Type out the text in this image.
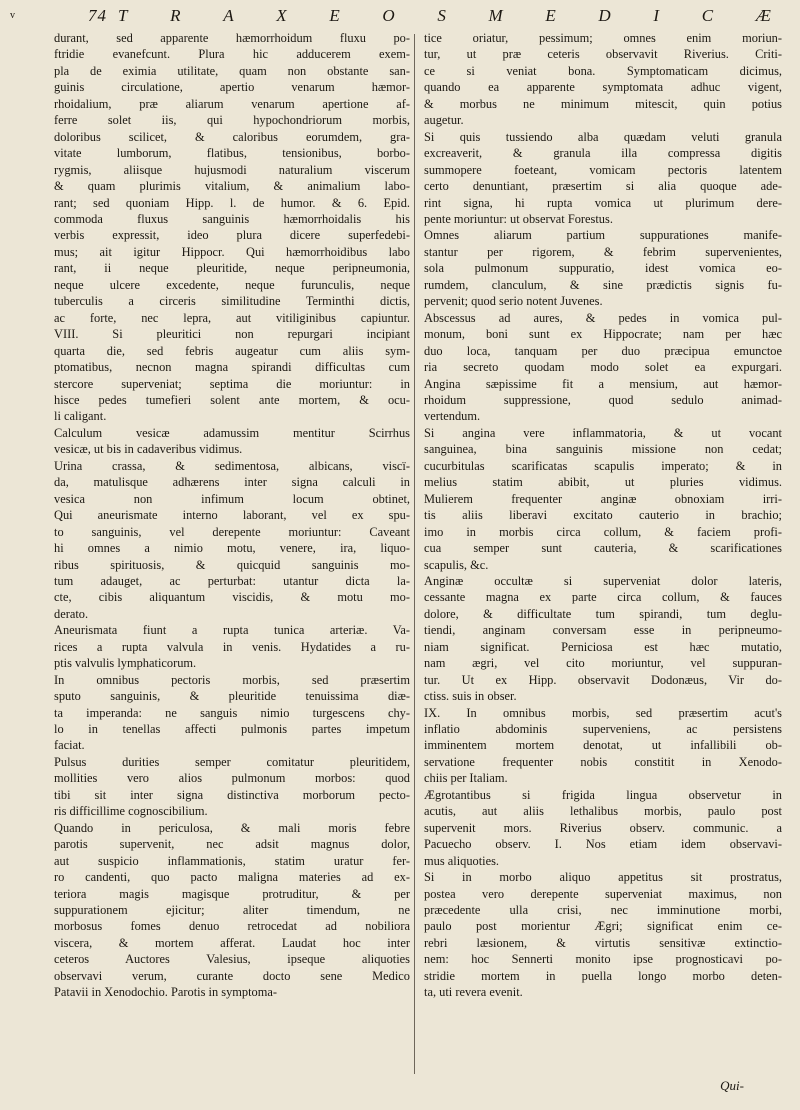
v	74 T R A X E O S M E D I C Æ
durant, sed apparente hæmorrhoidum fluxu po-
ftridie evanefcunt. Plura hic adducerem exem-
pla de eximia utilitate, quam non obstante san-
guinis circulatione, apertio venarum hæmor-
rhoidalium, præ aliarum venarum apertione af-
ferre solet iis, qui hypochondriorum morbis,
doloribus scilicet, & caloribus eorumdem, gra-
vitate lumborum, flatibus, tensionibus, borbo-
rygmis, aliisque hujusmodi naturalium viscerum
& quam plurimis vitalium, & animalium labo-
rant; sed quoniam Hipp. l. de humor. & 6. Epid.
commoda fluxus sanguinis hæmorrhoidalis his
verbis expressit, ideo plura dicere superfedebi-
mus; ait igitur Hippocr. Qui hæmorrhoidibus labo
rant, ii neque pleuritide, neque peripneumonia,
neque ulcere excedente, neque furunculis, neque
tuberculis a circeris similitudine Terminthi dictis,
ac forte, nec lepra, aut vitiliginibus capiuntur.
VIII. Si pleuritici non repurgari incipiant
quarta die, sed febris augeatur cum aliis sym-
ptomatibus, necnon magna spirandi difficultas cum
stercore superveniat; septima die moriuntur: in
hisce pedes tumefieri solent ante mortem, & ocu-
li caligant.
Calculum vesicæ adamussim mentitur Scirrhus
vesicæ, ut bis in cadaveribus vidimus.
Urina crassa, & sedimentosa, albicans, viscï-
da, matulisque adhærens inter signa calculi in
vesica non infimum locum obtinet,
Qui aneurismate interno laborant, vel ex spu-
to sanguinis, vel derepente moriuntur: Caveant
hi omnes a nimio motu, venere, ira, liquo-
ribus spirituosis, & quicquid sanguinis mo-
tum adauget, ac perturbat: utantur dicta la-
cte, cibis aliquantum viscidis, & motu mo-
derato.
Aneurismata fiunt a rupta tunica arteriæ. Va-
rices a rupta valvula in venis. Hydatides a ru-
ptis valvulis lymphaticorum.
In omnibus pectoris morbis, sed præsertim
sputo sanguinis, & pleuritide tenuissima diæ-
ta imperanda: ne sanguis nimio turgescens chy-
lo in tenellas affecti pulmonis partes impetum
faciat.
Pulsus durities semper comitatur pleuritidem,
mollities vero alios pulmonum morbos: quod
tibi sit inter signa distinctiva morborum pecto-
ris difficillime cognoscibilium.
Quando in periculosa, & mali moris febre
parotis supervenit, nec adsit magnus dolor,
aut suspicio inflammationis, statim uratur fer-
ro candenti, quo pacto maligna materies ad ex-
teriora magis magisque protruditur, & per
suppurationem ejicitur; aliter timendum, ne
morbosus fomes denuo retrocedat ad nobiliora
viscera, & mortem afferat. Laudat hoc inter
ceteros Auctores Valesius, ipseque aliquoties
observavi verum, curante docto sene Medico
Patavii in Xenodochio. Parotis in symptoma-
tice oriatur, pessimum; omnes enim moriun-
tur, ut præ ceteris observavit Riverius. Criti-
ce si veniat bona. Symptomaticam dicimus,
quando ea apparente symptomata adhuc vigent,
& morbus ne minimum mitescit, quin potius
augetur.
Si quis tussiendo alba quædam veluti granula
excreaverit, & granula illa compressa digitis
summopere foeteant, vomicam pectoris latentem
certo denuntiant, præsertim si alia quoque ade-
rint signa, hi rupta vomica ut plurimum dere-
pente moriuntur: ut observat Forestus.
Omnes aliarum partium suppurationes manife-
stantur per rigorem, & febrim supervenientes,
sola pulmonum suppuratio, idest vomica eo-
rumdem, clanculum, & sine prædictis signis fu-
pervenit; quod serio notent Juvenes.
Abscessus ad aures, & pedes in vomica pul-
monum, boni sunt ex Hippocrate; nam per hæc
duo loca, tanquam per duo præcipua emunctoe
ria secreto quodam modo solet ea expurgari.
Angina sæpissime fit a mensium, aut hæmor-
rhoidum suppressione, quod sedulo animad-
vertendum.
Si angina vere inflammatoria, & ut vocant
sanguinea, bina sanguinis missione non cedat;
cucurbitulas scarificatas scapulis imperato; & in
melius statim abibit, ut pluries vidimus.
Mulierem frequenter anginæ obnoxiam irri-
tis aliis liberavi excitato cauterio in brachio;
imo in morbis circa collum, & faciem profi-
cua semper sunt cauteria, & scarificationes
scapulis, &c.
Anginæ occultæ si superveniat dolor lateris,
cessante magna ex parte circa collum, & fauces
dolore, & difficultate tum spirandi, tum deglu-
tiendi, anginam conversam esse in peripneumo-
niam significat. Perniciosa est hæc mutatio,
nam ægri, vel cito moriuntur, vel suppuran-
tur. Ut ex Hipp. observavit Dodonæus, Vir do-
ctiss. suis in obser.
IX. In omnibus morbis, sed præsertim acut's
inflatio abdominis superveniens, ac persistens
imminentem mortem denotat, ut infallibili ob-
servatione frequenter nobis constitit in Xenodo-
chiis per Italiam.
Ægrotantibus si frigida lingua observetur in
acutis, aut aliis lethalibus morbis, paulo post
supervenit mors. Riverius observ. communic. a
Pacuecho observ. I. Nos etiam idem observavi-
mus aliquoties.
Si in morbo aliquo appetitus sit prostratus,
postea vero derepente superveniat maximus, non
præcedente ulla crisi, nec imminutione morbi,
paulo post morientur Ægri; significat enim ce-
rebri læsionem, & virtutis sensitivæ extinctio-
nem: hoc Sennerti monito ipse prognosticavi po-
stridie mortem in puella longo morbo deten-
ta, uti revera evenit.
Qui-
